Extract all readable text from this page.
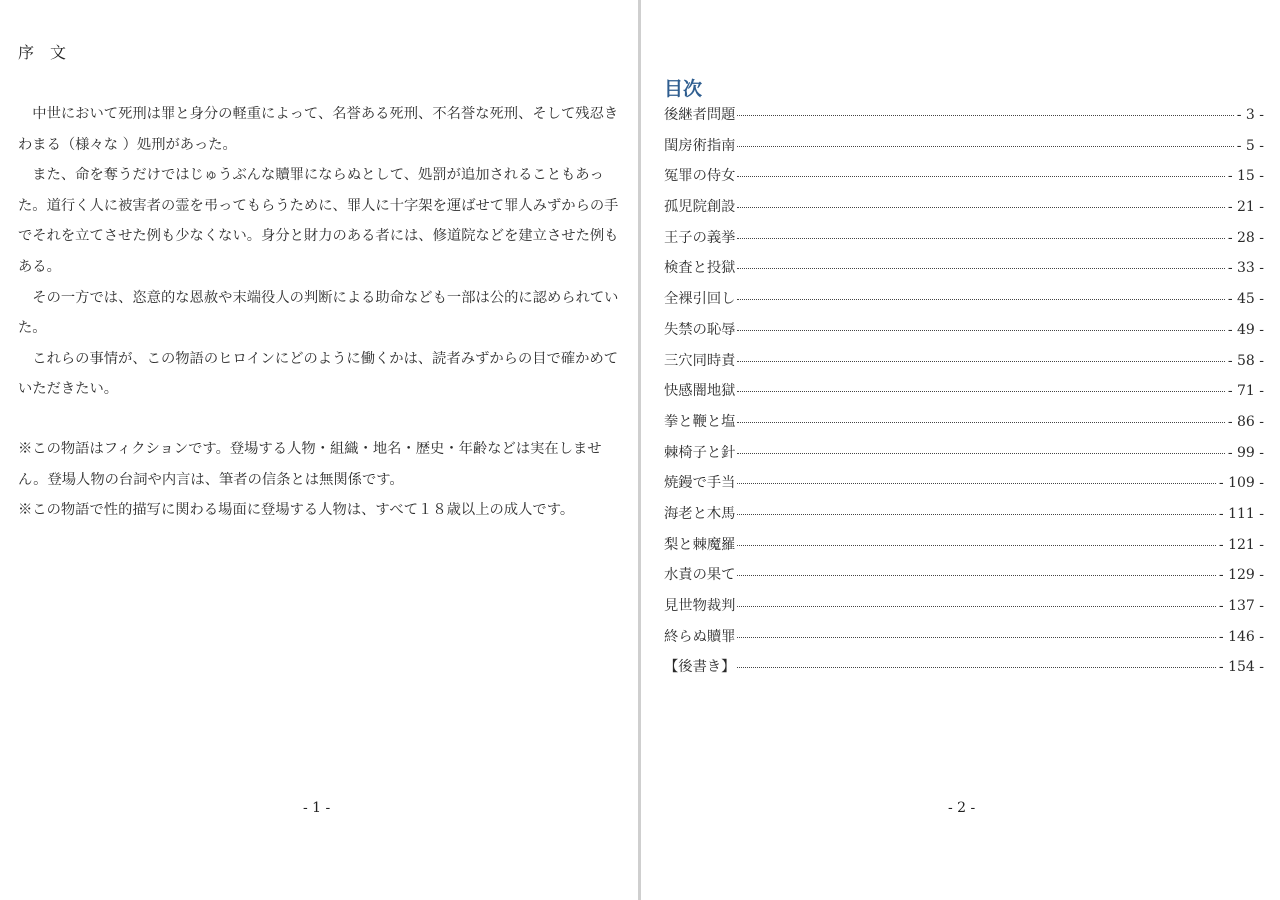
序 文

中世において死刑は罪と身分の軽重によって、名誉ある死刑、不名誉な死刑、そして残忍きわまる（様々な ）処刑があった。

また、命を奪うだけではじゅうぶんな贖罪にならぬとして、処罰が追加されることもあった。道行く人に被害者の霊を弔ってもらうために、罪人に十字架を運ばせて罪人みずからの手でそれを立てさせた例も少なくない。身分と財力のある者には、修道院などを建立させた例もある。

その一方では、恣意的な恩赦や末端役人の判断による助命なども一部は公的に認められていた。

これらの事情が、この物語のヒロインにどのように働くかは、読者みずからの目で確かめていただきたい。

※この物語はフィクションです。登場する人物・組織・地名・歴史・年齢などは実在しません。登場人物の台詞や内言は、筆者の信条とは無関係です。

※この物語で性的描写に関わる場面に登場する人物は、すべて１８歳以上の成人です。

- 1 -
目次
後継者問題	- 3 -
閨房術指南	- 5 -
冤罪の侍女	- 15 -
孤児院創設	- 21 -
王子の義挙	- 28 -
検査と投獄	- 33 -
全裸引回し	- 45 -
失禁の恥辱	- 49 -
三穴同時責	- 58 -
快感闇地獄	- 71 -
拳と鞭と塩	- 86 -
棘椅子と針	- 99 -
焼鏝で手当	- 109 -
海老と木馬	- 111 -
梨と棘魔羅	- 121 -
水責の果て	- 129 -
見世物裁判	- 137 -
終らぬ贖罪	- 146 -
【後書き】	- 154 -
- 2 -
